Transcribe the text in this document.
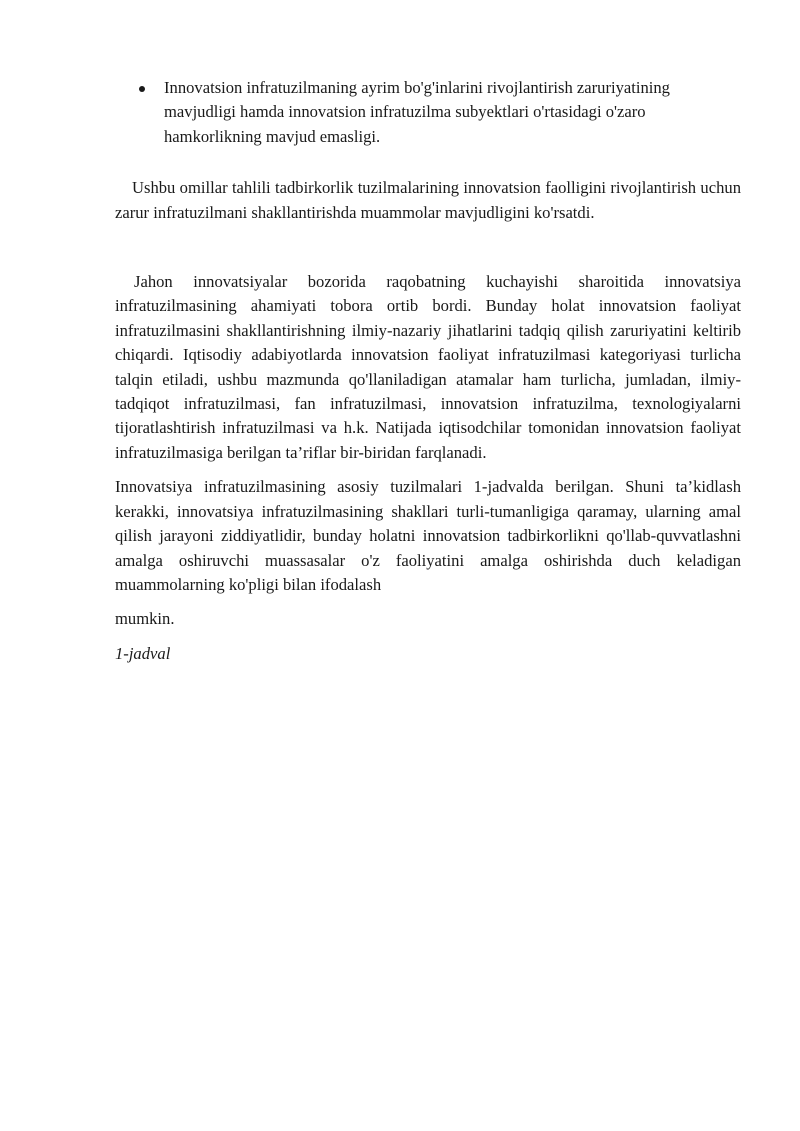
Innovatsion infratuzilmaning ayrim bo'g'inlarini rivojlantirish zaruriyatining mavjudligi hamda innovatsion infratuzilma subyektlari o'rtasidagi o'zaro hamkorlikning mavjud emasligi.

Ushbu omillar tahlili tadbirkorlik tuzilmalarining innovatsion faolligini rivojlantirish uchun zarur infratuzilmani shakllantirishda muammolar mavjudligini ko'rsatdi.

Jahon innovatsiyalar bozorida raqobatning kuchayishi sharoitida innovatsiya infratuzilmasining ahamiyati tobora ortib bordi. Bunday holat innovatsion faoliyat infratuzilmasini shakllantirishning ilmiy-nazariy jihatlarini tadqiq qilish zaruriyatini keltirib chiqardi. Iqtisodiy adabiyotlarda innovatsion faoliyat infratuzilmasi kategoriyasi turlicha talqin etiladi, ushbu mazmunda qo'llaniladigan atamalar ham turlicha, jumladan, ilmiy-tadqiqot infratuzilmasi, fan infratuzilmasi, innovatsion infratuzilma, texnologiyalarni tijoratlashtirish infratuzilmasi va h.k. Natijada iqtisodchilar tomonidan innovatsion faoliyat infratuzilmasiga berilgan ta’riflar bir-biridan farqlanadi.

Innovatsiya infratuzilmasining asosiy tuzilmalari 1-jadvalda berilgan. Shuni ta’kidlash kerakki, innovatsiya infratuzilmasining shakllari turli-tumanligiga qaramay, ularning amal qilish jarayoni ziddiyatlidir, bunday holatni innovatsion tadbirkorlikni qo'llab-quvvatlashni amalga oshiruvchi muassasalar o'z faoliyatini amalga oshirishda duch keladigan muammolarning ko'pligi bilan ifodalash

mumkin.

1-jadval
